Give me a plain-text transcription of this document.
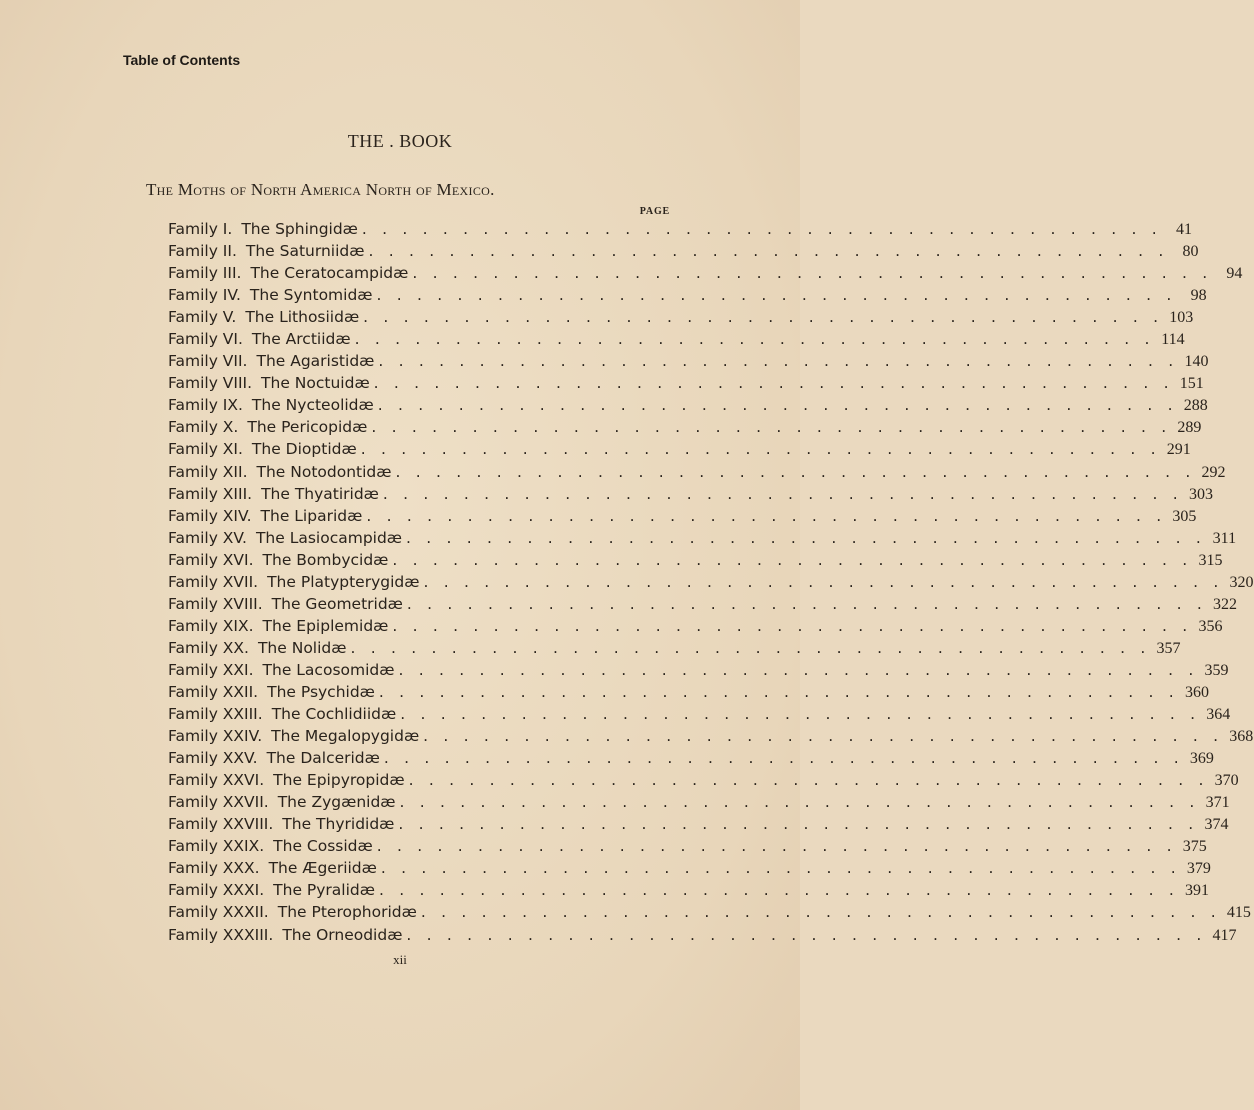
Table of Contents
THE . BOOK
The Moths of North America North of Mexico.
PAGE
Family I. The Sphingidæ . . . . . . . . . . . . . . . . . . . . . . . . . . . . . . . . . . . . . . . . 41
Family II. The Saturniidæ . . . . . . . . . . . . . . . . . . . . . . . . . . . . . . . . . . . . . . . . 80
Family III. The Ceratocampidæ . . . . . . . . . . . . . . . . . . . . . . . . . . . . . . . . . . . . . . . . 94
Family IV. The Syntomidæ . . . . . . . . . . . . . . . . . . . . . . . . . . . . . . . . . . . . . . . . 98
Family V. The Lithosiidæ . . . . . . . . . . . . . . . . . . . . . . . . . . . . . . . . . . . . . . . . 103
Family VI. The Arctiidæ . . . . . . . . . . . . . . . . . . . . . . . . . . . . . . . . . . . . . . . . 114
Family VII. The Agaristidæ . . . . . . . . . . . . . . . . . . . . . . . . . . . . . . . . . . . . . . . . 140
Family VIII. The Noctuidæ . . . . . . . . . . . . . . . . . . . . . . . . . . . . . . . . . . . . . . . . 151
Family IX. The Nycteolidæ . . . . . . . . . . . . . . . . . . . . . . . . . . . . . . . . . . . . . . . . 288
Family X. The Pericopidæ . . . . . . . . . . . . . . . . . . . . . . . . . . . . . . . . . . . . . . . . 289
Family XI. The Dioptidæ . . . . . . . . . . . . . . . . . . . . . . . . . . . . . . . . . . . . . . . . 291
Family XII. The Notodontidæ . . . . . . . . . . . . . . . . . . . . . . . . . . . . . . . . . . . . . . . . 292
Family XIII. The Thyatiridæ . . . . . . . . . . . . . . . . . . . . . . . . . . . . . . . . . . . . . . . . 303
Family XIV. The Liparidæ . . . . . . . . . . . . . . . . . . . . . . . . . . . . . . . . . . . . . . . . 305
Family XV. The Lasiocampidæ . . . . . . . . . . . . . . . . . . . . . . . . . . . . . . . . . . . . . . . . 311
Family XVI. The Bombycidæ . . . . . . . . . . . . . . . . . . . . . . . . . . . . . . . . . . . . . . . . 315
Family XVII. The Platypterygidæ . . . . . . . . . . . . . . . . . . . . . . . . . . . . . . . . . . . . . . . . 320
Family XVIII. The Geometridæ . . . . . . . . . . . . . . . . . . . . . . . . . . . . . . . . . . . . . . . . 322
Family XIX. The Epiplemidæ . . . . . . . . . . . . . . . . . . . . . . . . . . . . . . . . . . . . . . . . 356
Family XX. The Nolidæ . . . . . . . . . . . . . . . . . . . . . . . . . . . . . . . . . . . . . . . . 357
Family XXI. The Lacosomidæ . . . . . . . . . . . . . . . . . . . . . . . . . . . . . . . . . . . . . . . . 359
Family XXII. The Psychidæ . . . . . . . . . . . . . . . . . . . . . . . . . . . . . . . . . . . . . . . . 360
Family XXIII. The Cochlidiidæ . . . . . . . . . . . . . . . . . . . . . . . . . . . . . . . . . . . . . . . . 364
Family XXIV. The Megalopygidæ . . . . . . . . . . . . . . . . . . . . . . . . . . . . . . . . . . . . . . . . 368
Family XXV. The Dalceridæ . . . . . . . . . . . . . . . . . . . . . . . . . . . . . . . . . . . . . . . . 369
Family XXVI. The Epipyropidæ . . . . . . . . . . . . . . . . . . . . . . . . . . . . . . . . . . . . . . . . 370
Family XXVII. The Zygænidæ . . . . . . . . . . . . . . . . . . . . . . . . . . . . . . . . . . . . . . . . 371
Family XXVIII. The Thyrididæ . . . . . . . . . . . . . . . . . . . . . . . . . . . . . . . . . . . . . . . . 374
Family XXIX. The Cossidæ . . . . . . . . . . . . . . . . . . . . . . . . . . . . . . . . . . . . . . . . 375
Family XXX. The Ægeriidæ . . . . . . . . . . . . . . . . . . . . . . . . . . . . . . . . . . . . . . . . 379
Family XXXI. The Pyralidæ . . . . . . . . . . . . . . . . . . . . . . . . . . . . . . . . . . . . . . . . 391
Family XXXII. The Pterophoridæ . . . . . . . . . . . . . . . . . . . . . . . . . . . . . . . . . . . . . . . . 415
Family XXXIII. The Orneodidæ . . . . . . . . . . . . . . . . . . . . . . . . . . . . . . . . . . . . . . . . 417
xii
